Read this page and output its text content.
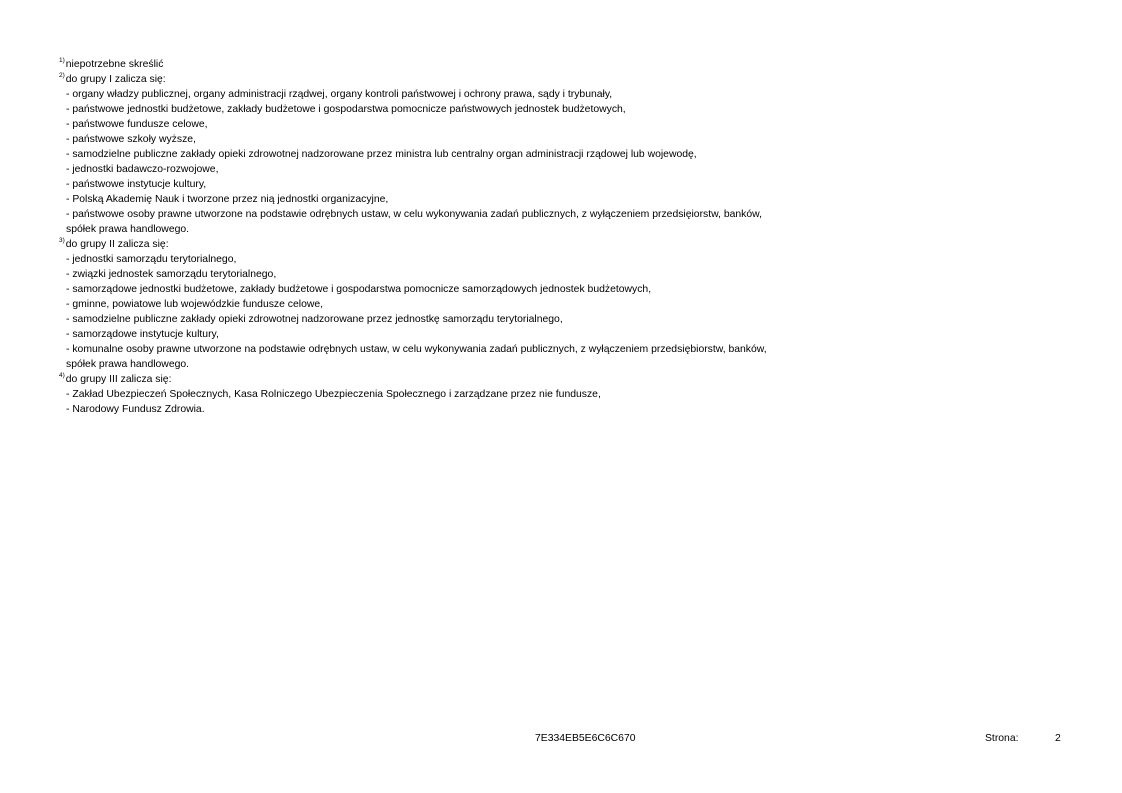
$^{1)}$niepotrzebne skreślić
$^{2)}$do grupy I zalicza się:
- organy władzy publicznej, organy administracji rządwej, organy kontroli państwowej i ochrony prawa, sądy i trybunały,
- państwowe jednostki budżetowe, zakłady budżetowe i gospodarstwa pomocnicze państwowych jednostek budżetowych,
- państwowe fundusze celowe,
- państwowe szkoły wyższe,
- samodzielne publiczne zakłady opieki zdrowotnej nadzorowane przez ministra lub centralny organ administracji rządowej lub wojewodę,
- jednostki badawczo-rozwojowe,
- państwowe instytucje kultury,
- Polską Akademię Nauk i tworzone przez nią jednostki organizacyjne,
- państwowe osoby prawne utworzone na podstawie odrębnych ustaw, w celu wykonywania zadań publicznych, z wyłączeniem przedsięiorstw, banków,
spółek prawa handlowego.
$^{3)}$do grupy II zalicza się:
- jednostki samorządu terytorialnego,
- związki jednostek samorządu terytorialnego,
- samorządowe jednostki budżetowe, zakłady budżetowe i gospodarstwa pomocnicze samorządowych jednostek budżetowych,
- gminne, powiatowe lub wojewódzkie fundusze celowe,
- samodzielne publiczne zakłady opieki zdrowotnej nadzorowane przez jednostkę samorządu terytorialnego,
- samorządowe instytucje kultury,
- komunalne osoby prawne utworzone na podstawie odrębnych ustaw, w celu wykonywania zadań publicznych, z wyłączeniem przedsiębiorstw, banków,
spółek prawa handlowego.
$^{4)}$do grupy III zalicza się:
- Zakład Ubezpieczeń Społecznych, Kasa Rolniczego Ubezpieczenia Społecznego i zarządzane przez nie fundusze,
- Narodowy Fundusz Zdrowia.
7E334EB5E6C6C670	Strona:	2
